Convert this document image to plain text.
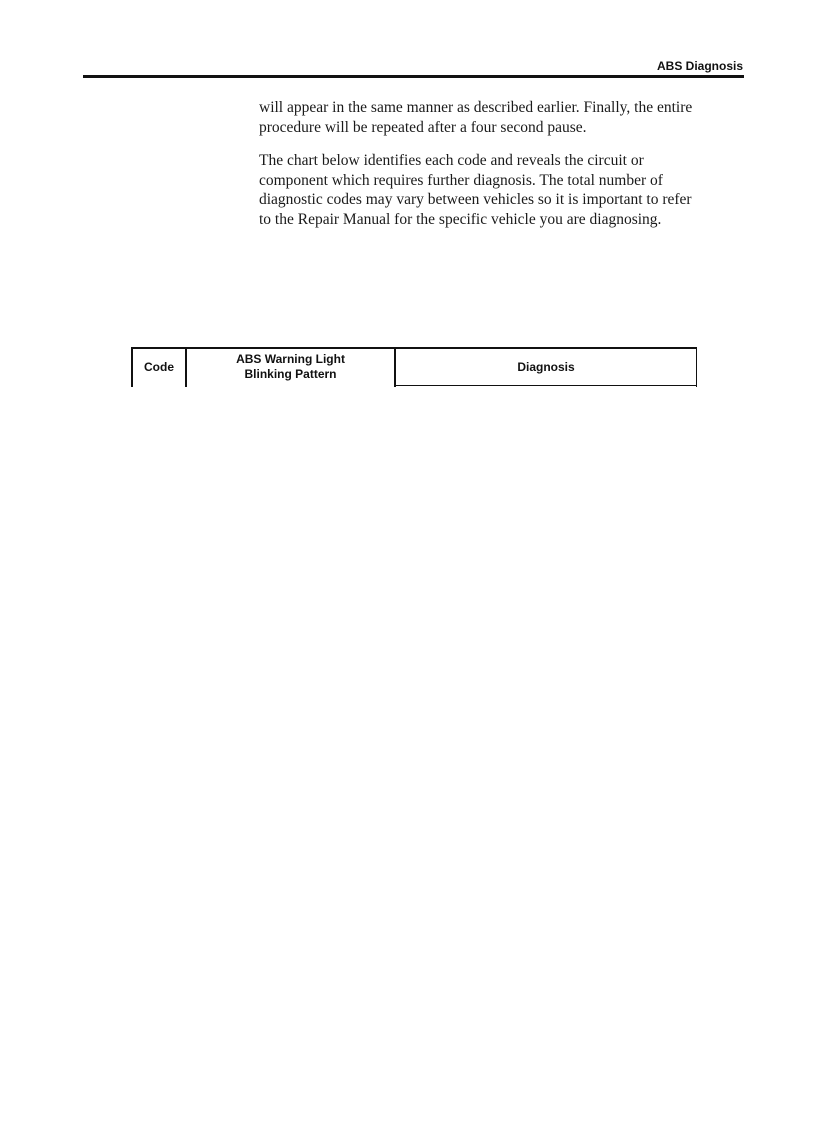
ABS Diagnosis
will appear in the same manner as described earlier. Finally, the entire
procedure will be repeated after a four second pause.
The chart below identifies each code and reveals the circuit or
component which requires further diagnosis. The total number of
diagnostic codes may vary between vehicles so it is important to refer
to the Repair Manual for the specific vehicle you are diagnosing.
Code
ABS Warning Light
Blinking Pattern
Diagnosis
